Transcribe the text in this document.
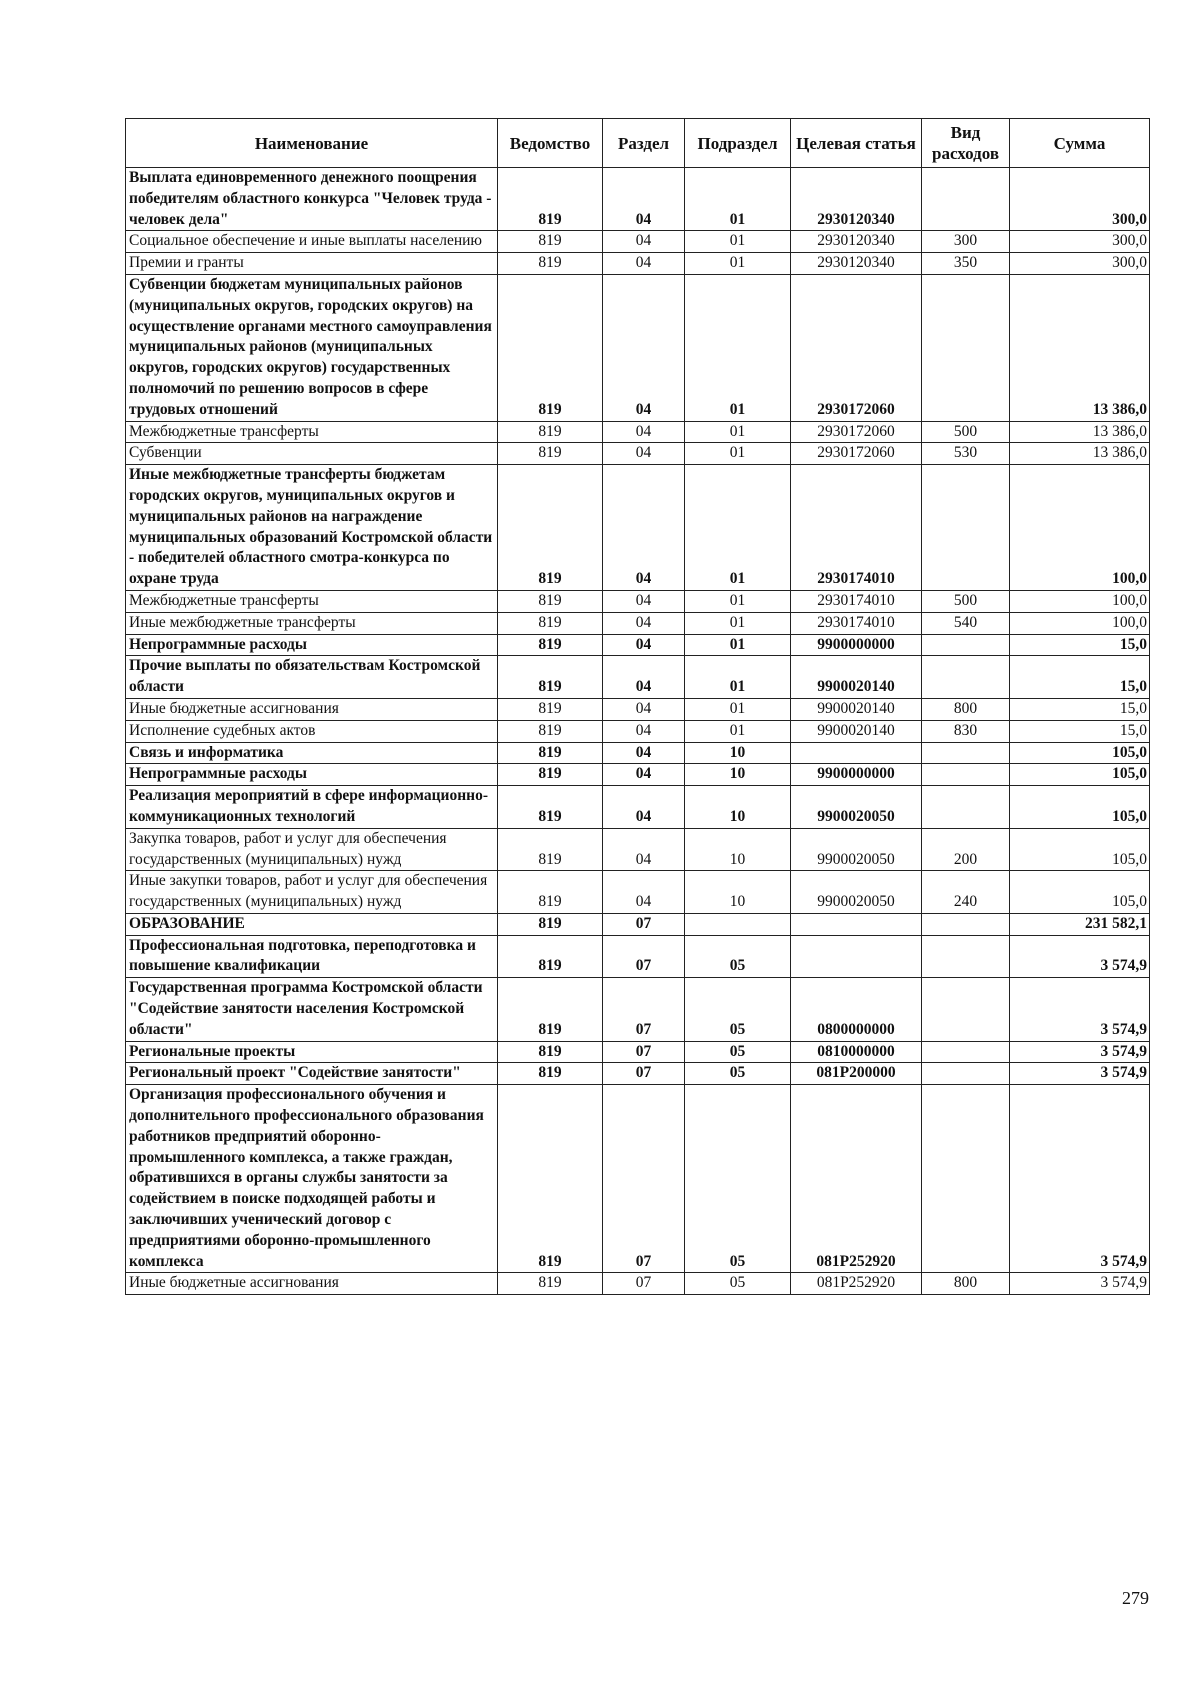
Наименование	Ведомство	Раздел	Подраздел	Целевая статья	Вид расходов	Сумма
Выплата единовременного денежного поощрения победителям областного конкурса "Человек труда - человек дела"	819	04	01	2930120340		300,0
Социальное обеспечение и иные выплаты населению	819	04	01	2930120340	300	300,0
Премии и гранты	819	04	01	2930120340	350	300,0
Субвенции бюджетам муниципальных районов (муниципальных округов, городских округов) на осуществление органами местного самоуправления муниципальных районов (муниципальных округов, городских округов) государственных полномочий по решению вопросов в сфере трудовых отношений	819	04	01	2930172060		13 386,0
Межбюджетные трансферты	819	04	01	2930172060	500	13 386,0
Субвенции	819	04	01	2930172060	530	13 386,0
Иные межбюджетные трансферты бюджетам городских округов, муниципальных округов и муниципальных районов на награждение муниципальных образований Костромской области - победителей областного смотра-конкурса по охране труда	819	04	01	2930174010		100,0
Межбюджетные трансферты	819	04	01	2930174010	500	100,0
Иные межбюджетные трансферты	819	04	01	2930174010	540	100,0
Непрограммные расходы	819	04	01	9900000000		15,0
Прочие выплаты по обязательствам Костромской области	819	04	01	9900020140		15,0
Иные бюджетные ассигнования	819	04	01	9900020140	800	15,0
Исполнение судебных актов	819	04	01	9900020140	830	15,0
Связь и информатика	819	04	10			105,0
Непрограммные расходы	819	04	10	9900000000		105,0
Реализация мероприятий в сфере информационно-коммуникационных технологий	819	04	10	9900020050		105,0
Закупка товаров, работ и услуг для обеспечения государственных (муниципальных) нужд	819	04	10	9900020050	200	105,0
Иные закупки товаров, работ и услуг для обеспечения государственных (муниципальных) нужд	819	04	10	9900020050	240	105,0
ОБРАЗОВАНИЕ	819	07				231 582,1
Профессиональная подготовка, переподготовка и повышение квалификации	819	07	05			3 574,9
Государственная программа Костромской области "Содействие занятости населения Костромской области"	819	07	05	0800000000		3 574,9
Региональные проекты	819	07	05	0810000000		3 574,9
Региональный проект "Содействие занятости"	819	07	05	081P200000		3 574,9
Организация профессионального обучения и дополнительного профессионального образования работников предприятий оборонно-промышленного комплекса, а также граждан, обратившихся в органы службы занятости за содействием в поиске подходящей работы и заключивших ученический договор с предприятиями оборонно-промышленного комплекса	819	07	05	081P252920		3 574,9
Иные бюджетные ассигнования	819	07	05	081P252920	800	3 574,9
279
